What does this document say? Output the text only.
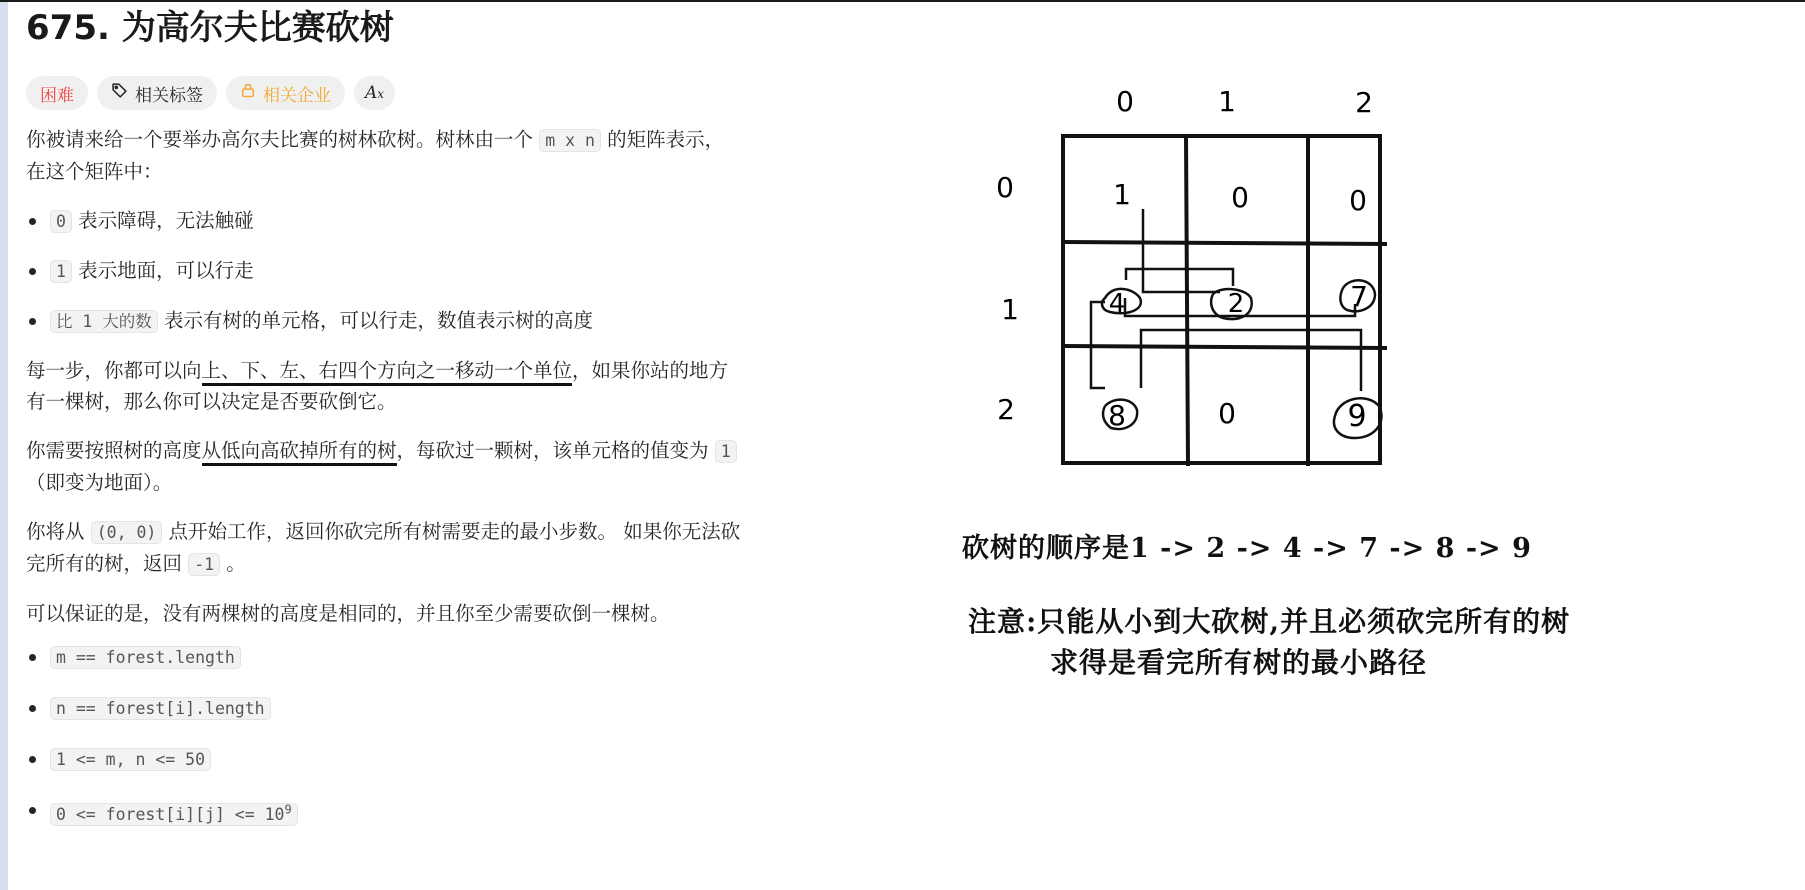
675. 为高尔夫比赛砍树
困难	相关标签	相关企业 Ax

你被请来给一个要举办高尔夫比赛的树林砍树。树林由一个 m x n 的矩阵表示， 在这个矩阵中：

0 表示障碍，无法触碰
1 表示地面，可以行走
比 1 大的数 表示有树的单元格，可以行走，数值表示树的高度

每一步，你都可以向上、下、左、右四个方向之一移动一个单位，如果你站的地方有一棵树，那么你可以决定是否要砍倒它。

你需要按照树的高度从低向高砍掉所有的树，每砍过一颗树，该单元格的值变为 1（即变为地面）。

你将从 (0, 0) 点开始工作，返回你砍完所有树需要走的最小步数。 如果你无法砍完所有的树，返回 -1 。

可以保证的是，没有两棵树的高度是相同的，并且你至少需要砍倒一棵树。

m == forest.length
n == forest[i].length
1 <= m, n <= 50
0 <= forest[i][j] <= $10^9$
0	1	2
0
1
2
1	0	0
4	2	7
8	0	9
砍树的顺序是1 -> 2 -> 4 -> 7 -> 8 -> 9
注意:只能从小到大砍树,并且必须砍完所有的树
求得是看完所有树的最小路径
